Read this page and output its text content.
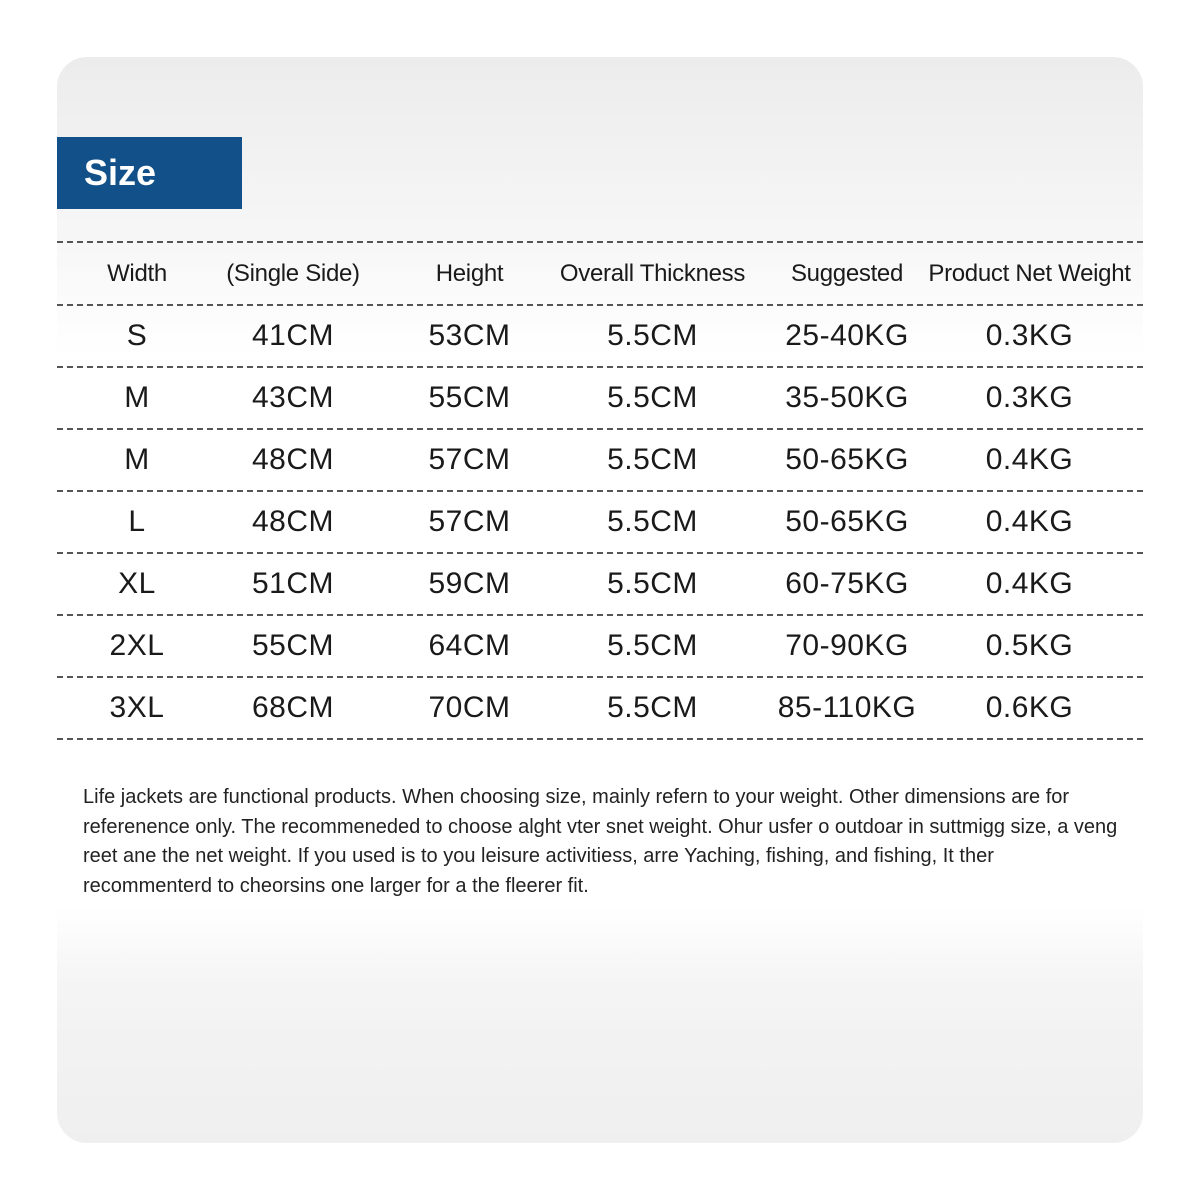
Size
Width	(Single Side)	Height	Overall Thickness	Suggested	Product Net Weight
S	41CM	53CM	5.5CM	25-40KG	0.3KG
M	43CM	55CM	5.5CM	35-50KG	0.3KG
M	48CM	57CM	5.5CM	50-65KG	0.4KG
L	48CM	57CM	5.5CM	50-65KG	0.4KG
XL	51CM	59CM	5.5CM	60-75KG	0.4KG
2XL	55CM	64CM	5.5CM	70-90KG	0.5KG
3XL	68CM	70CM	5.5CM	85-110KG	0.6KG

Life jackets are functional products. When choosing size, mainly refern to your weight. Other dimensions are for referenence only. The recommeneded to choose alght vter snet weight. Ohur usfer o outdoar in suttmigg size, a veng reet ane the net weight. If you used is to you leisure activitiess, arre Yaching, fishing, and fishing, It ther recommenterd to cheorsins one larger for a the fleerer fit.
